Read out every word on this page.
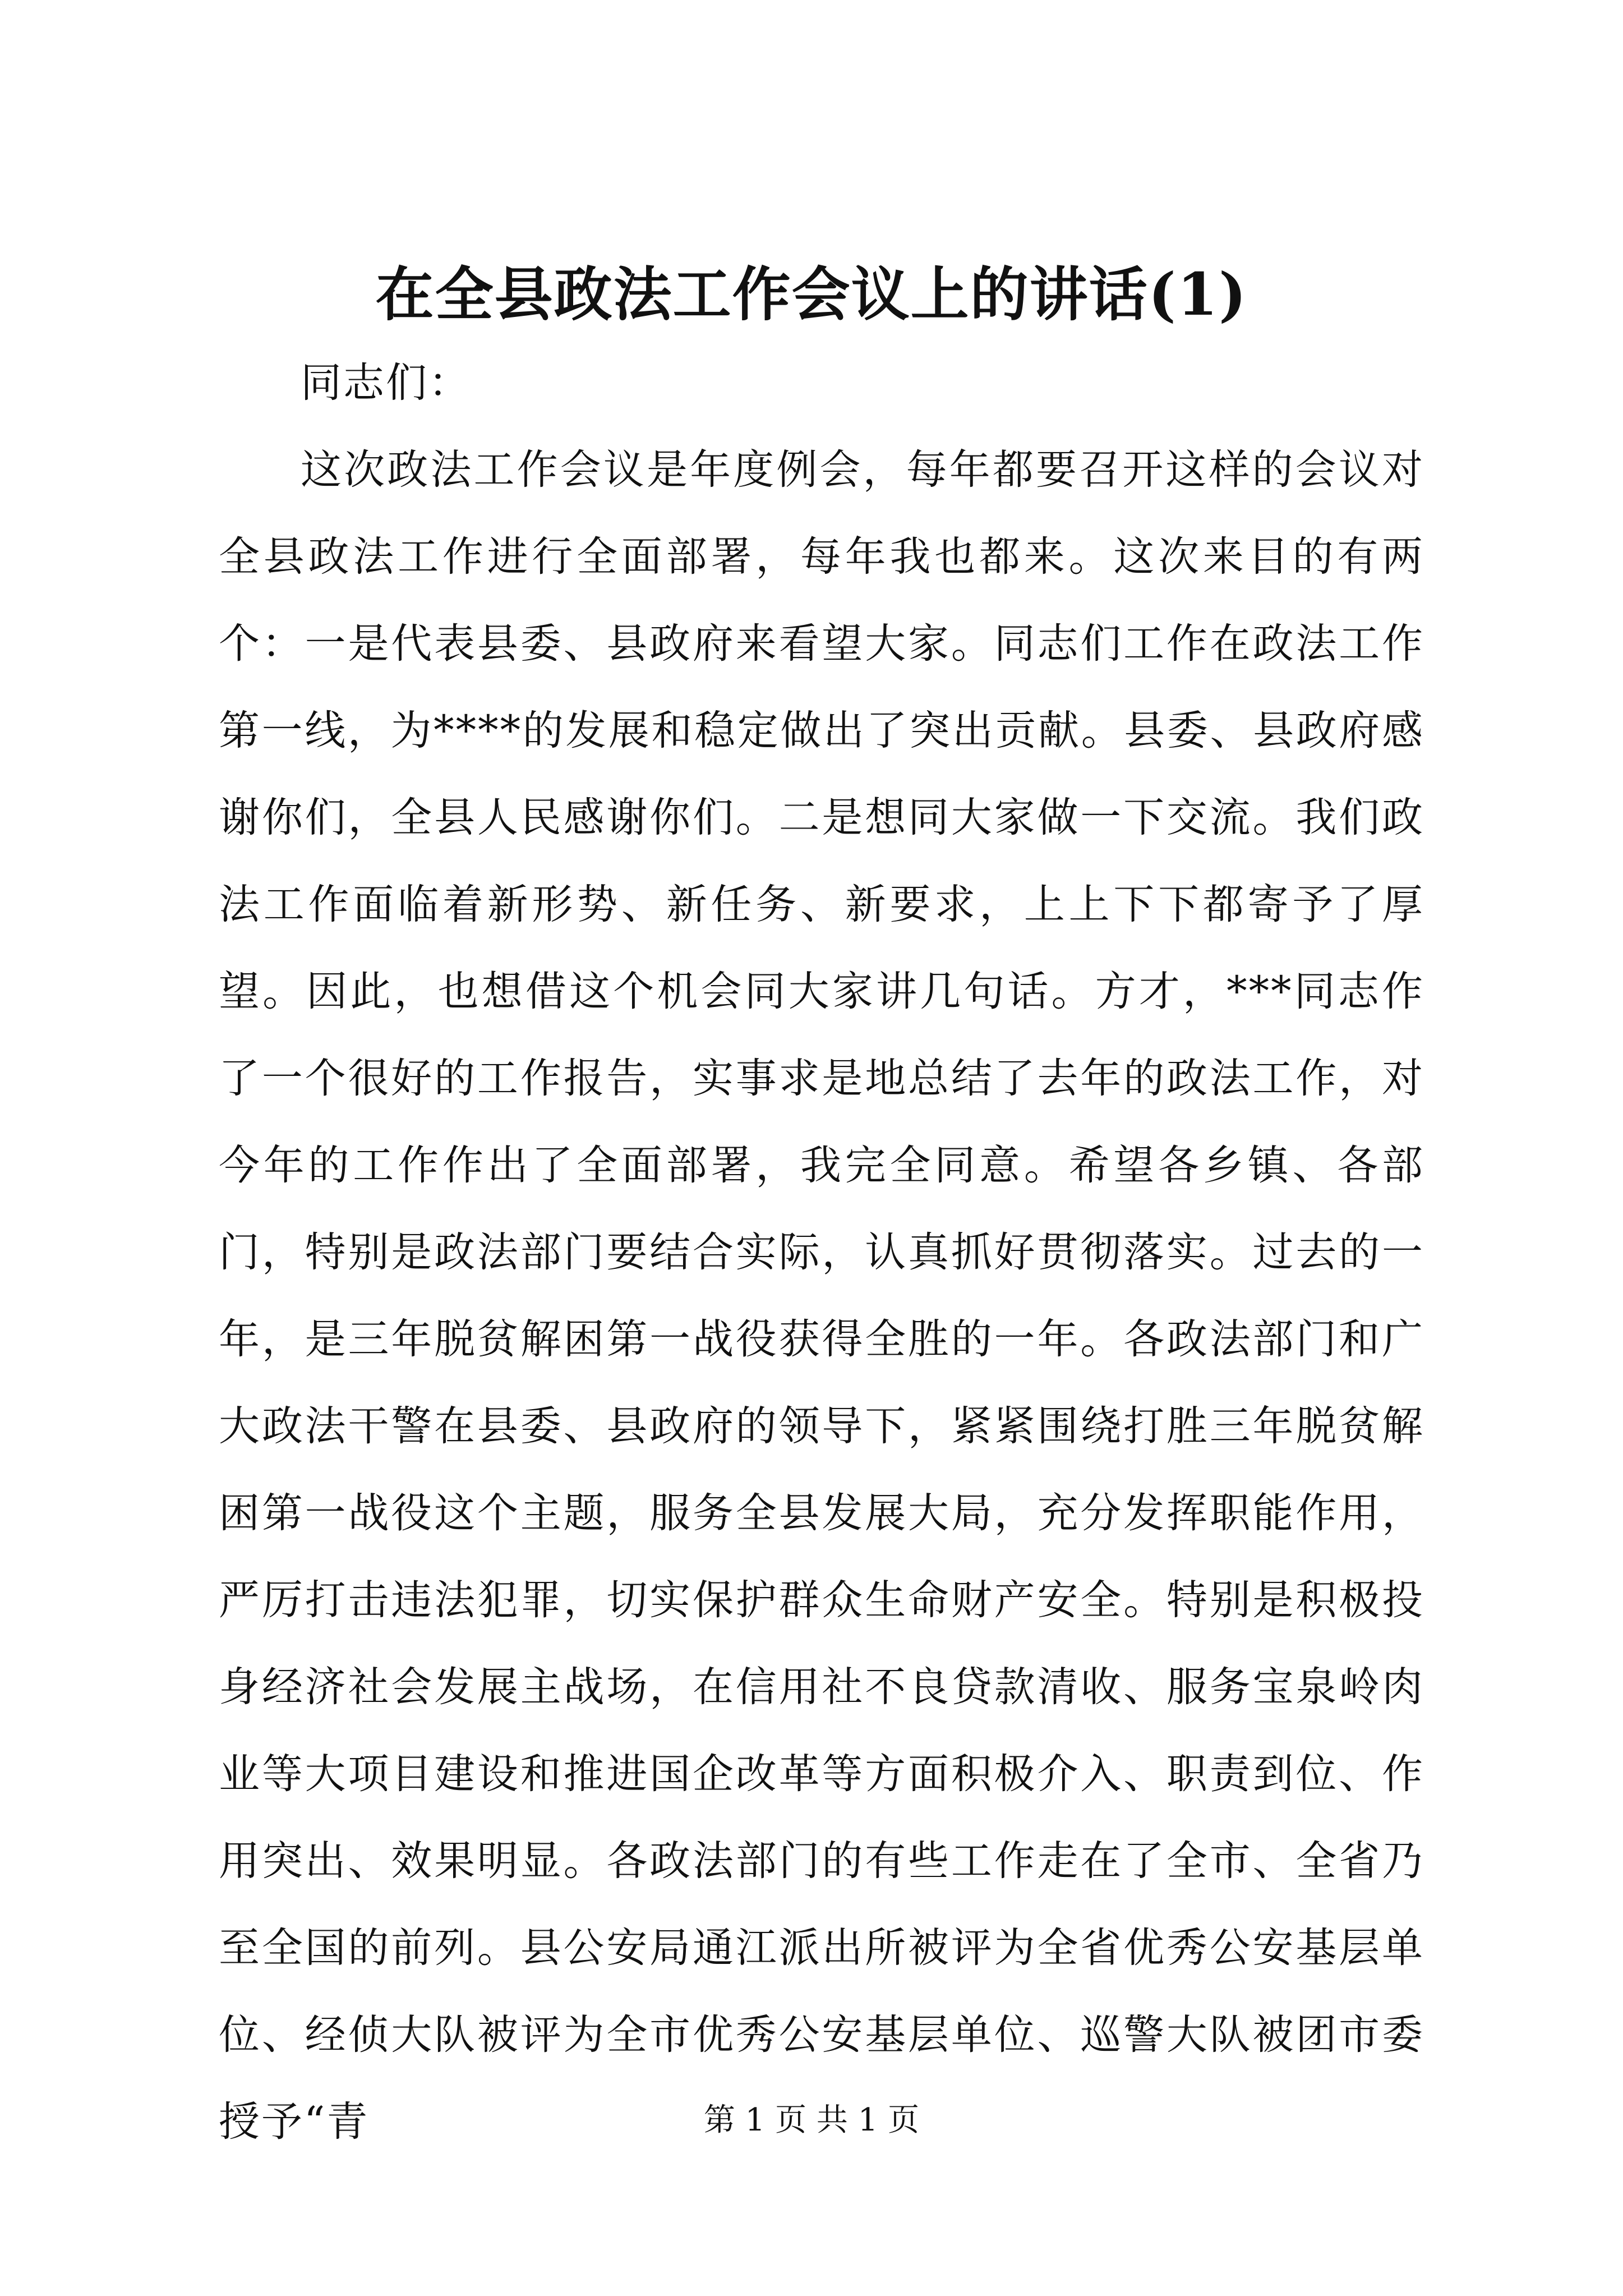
在全县政法工作会议上的讲话(1)

同志们：

这次政法工作会议是年度例会，每年都要召开这样的会议对全县政法工作进行全面部署，每年我也都来。这次来目的有两个：一是代表县委、县政府来看望大家。同志们工作在政法工作第一线，为****的发展和稳定做出了突出贡献。县委、县政府感谢你们，全县人民感谢你们。二是想同大家做一下交流。我们政法工作面临着新形势、新任务、新要求，上上下下都寄予了厚望。因此，也想借这个机会同大家讲几句话。方才，***同志作了一个很好的工作报告，实事求是地总结了去年的政法工作，对今年的工作作出了全面部署，我完全同意。希望各乡镇、各部门，特别是政法部门要结合实际，认真抓好贯彻落实。过去的一年，是三年脱贫解困第一战役获得全胜的一年。各政法部门和广大政法干警在县委、县政府的领导下，紧紧围绕打胜三年脱贫解困第一战役这个主题，服务全县发展大局，充分发挥职能作用，严厉打击违法犯罪，切实保护群众生命财产安全。特别是积极投身经济社会发展主战场，在信用社不良贷款清收、服务宝泉岭肉业等大项目建设和推进国企改革等方面积极介入、职责到位、作用突出、效果明显。各政法部门的有些工作走在了全市、全省乃至全国的前列。县公安局通江派出所被评为全省优秀公安基层单位、经侦大队被评为全市优秀公安基层单位、巡警大队被团市委授予“青	第 1 页 共 1 页
